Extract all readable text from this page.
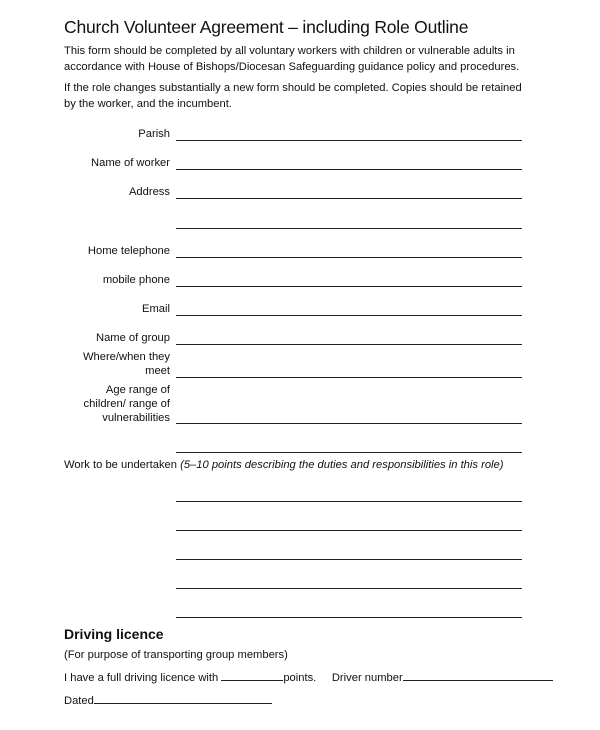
Church Volunteer Agreement – including Role Outline
This form should be completed by all voluntary workers with children or vulnerable adults in accordance with House of Bishops/Diocesan Safeguarding guidance policy and procedures.
If the role changes substantially a new form should be completed. Copies should be retained by the worker, and the incumbent.
Parish
Name of worker
Address
Home telephone
mobile phone
Email
Name of group
Where/when they
meet
Age range of
children/ range of
vulnerabilities
Work to be undertaken (5–10 points describing the duties and responsibilities in this role)
Driving licence
(For purpose of transporting group members)
I have a full driving licence with	points. Driver number
Dated
